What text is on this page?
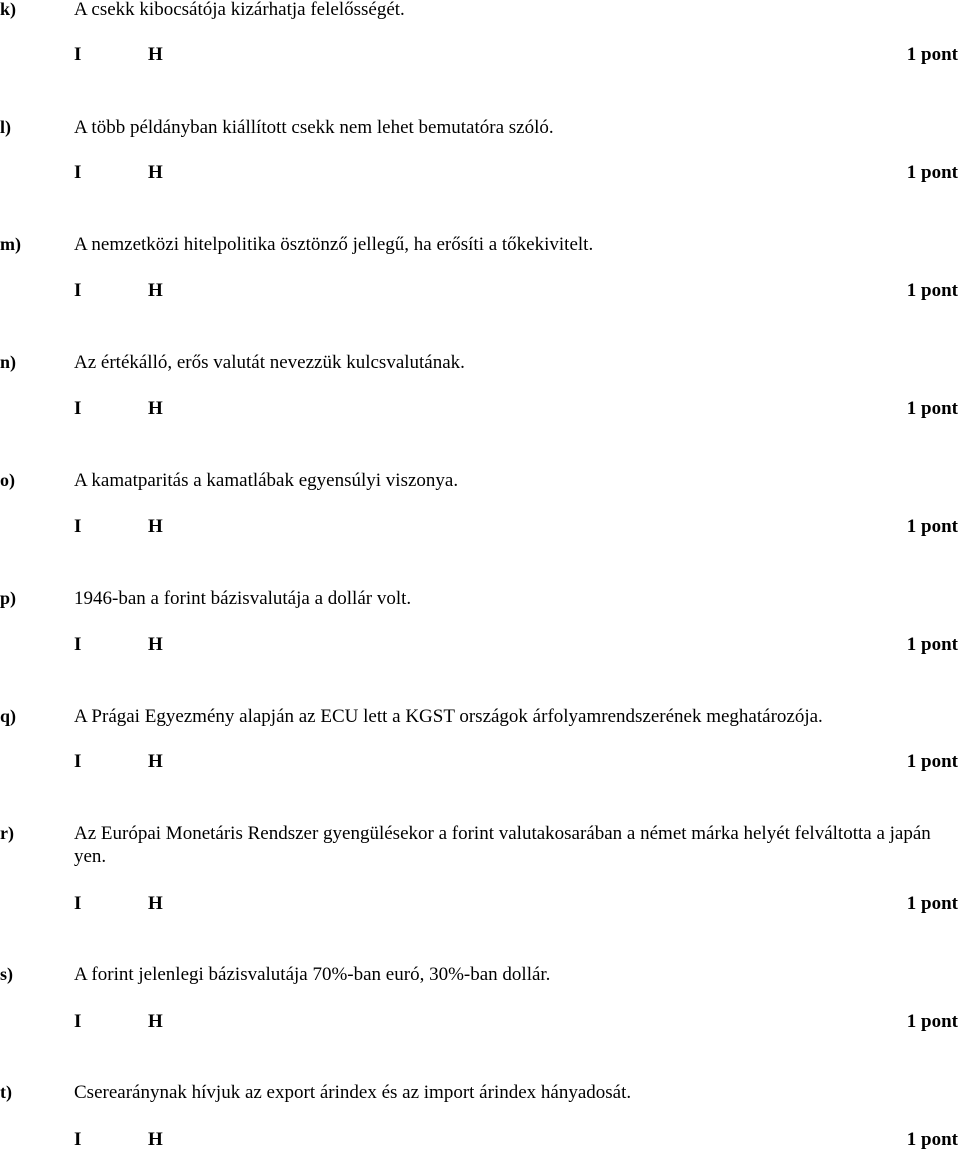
k)	A csekk kibocsátója kizárhatja felelősségét.
I	H	1 pont
l)	A több példányban kiállított csekk nem lehet bemutatóra szóló.
I	H	1 pont
m)	A nemzetközi hitelpolitika ösztönző jellegű, ha erősíti a tőkekivitelt.
I	H	1 pont
n)	Az értékálló, erős valutát nevezzük kulcsvalutának.
I	H	1 pont
o)	A kamatparitás a kamatlábak egyensúlyi viszonya.
I	H	1 pont
p)	1946-ban a forint bázisvalutája a dollár volt.
I	H	1 pont
q)	A Prágai Egyezmény alapján az ECU lett a KGST országok árfolyamrendszerének meghatározója.
I	H	1 pont
r)	Az Európai Monetáris Rendszer gyengülésekor a forint valutakosarában a német márka helyét felváltotta a japán yen.
I	H	1 pont
s)	A forint jelenlegi bázisvalutája 70%-ban euró, 30%-ban dollár.
I	H	1 pont
t)	Cserearánynak hívjuk az export árindex és az import árindex hányadosát.
I	H	1 pont
